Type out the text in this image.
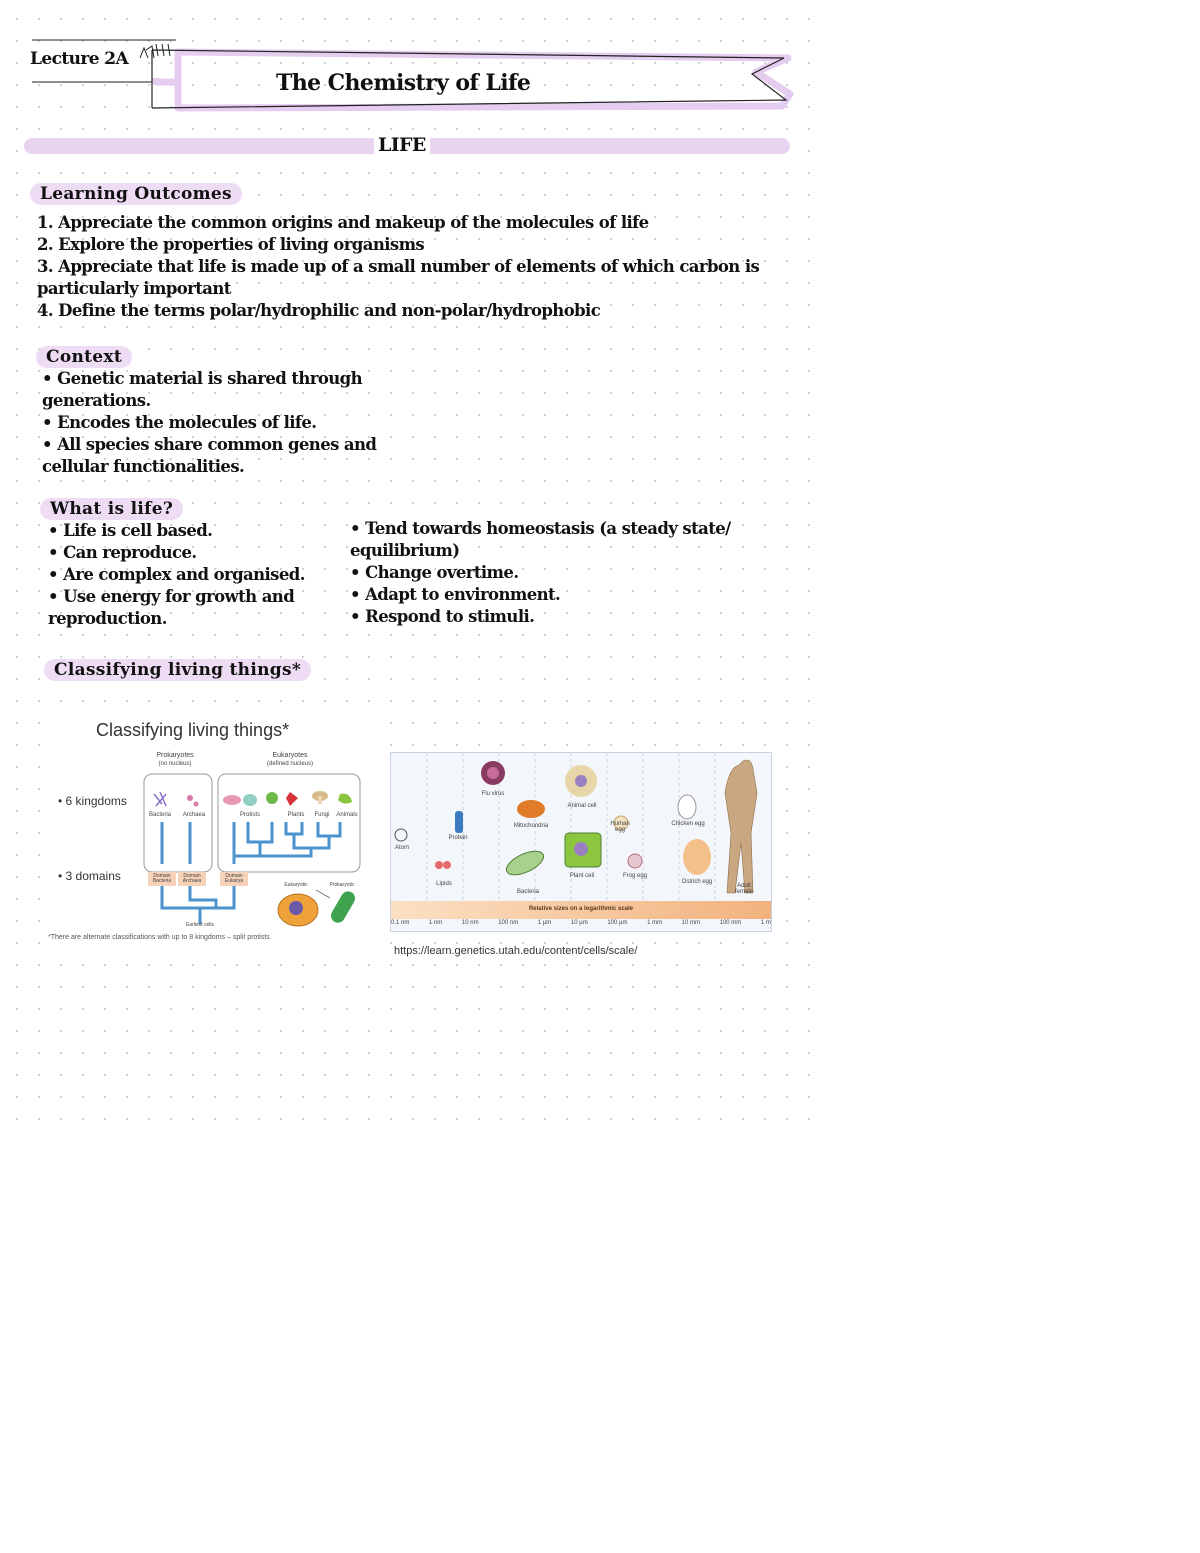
Lecture 2A
The Chemistry of Life
LIFE
Learning Outcomes
1. Appreciate the common origins and makeup of the molecules of life
2. Explore the properties of living organisms
3. Appreciate that life is made up of a small number of elements of which carbon is
particularly important
4. Define the terms polar/hydrophilic and non-polar/hydrophobic
Context
• Genetic material is shared through
generations.
• Encodes the molecules of life.
• All species share common genes and
cellular functionalities.
What is life?
• Life is cell based.
• Can reproduce.
• Are complex and organised.
• Use energy for growth and
reproduction.
• Tend towards homeostasis (a steady state/
equilibrium)
• Change overtime.
• Adapt to environment.
• Respond to stimuli.
Classifying living things*
Classifying living things*
Prokaryotes
(no nucleus)
Eukaryotes
(defined nucleus)
• 6 kingdoms
• 3 domains
Bacteria	Archaea	Protists	Plants	Fungi	Animals
Domain Bacteria
Domain Archaea
Domain Eukarya
Eukaryotic	Prokaryotic
Earliest cells
*There are alternate classifications with up to 8 kingdoms – split protists
Flu virus
Animal cell
Protein
Mitochondria	Human egg
Chicken egg
Atom
Lipids
Bacteria
Plant cell	Frog egg
Ostrich egg
Adult female
Relative sizes on a logarithmic scale
0.1 nm	1 nm	10 nm	100 nm	1 µm	10 µm	100 µm	1 mm	10 mm	100 mm	1 m
https://learn.genetics.utah.edu/content/cells/scale/
